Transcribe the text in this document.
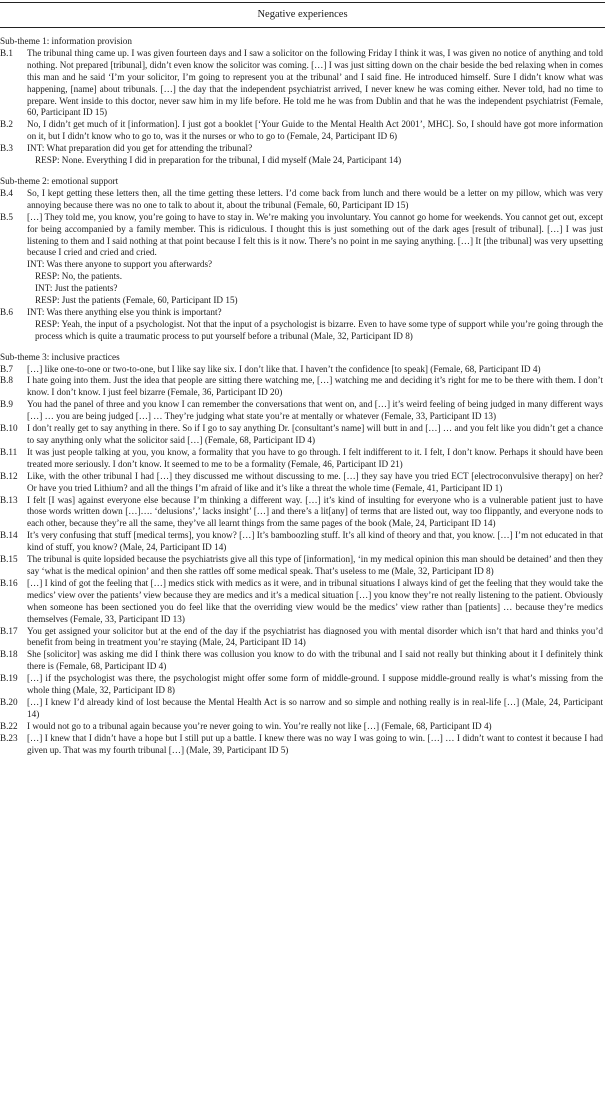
Negative experiences
Sub-theme 1: information provision
B.1 The tribunal thing came up. I was given fourteen days and I saw a solicitor on the following Friday I think it was, I was given no notice of anything and told nothing. Not prepared [tribunal], didn’t even know the solicitor was coming. […] I was just sitting down on the chair beside the bed relaxing when in comes this man and he said ‘I’m your solicitor, I’m going to represent you at the tribunal’ and I said fine. He introduced himself. Sure I didn’t know what was happening, [name] about tribunals. […] the day that the independent psychiatrist arrived, I never knew he was coming either. Never told, had no time to prepare. Went inside to this doctor, never saw him in my life before. He told me he was from Dublin and that he was the independent psychiatrist (Female, 60, Participant ID 15)
B.2 No, I didn’t get much of it [information]. I just got a booklet [‘Your Guide to the Mental Health Act 2001’, MHC]. So, I should have got more information on it, but I didn’t know who to go to, was it the nurses or who to go to (Female, 24, Participant ID 6)
B.3 INT: What preparation did you get for attending the tribunal?
RESP: None. Everything I did in preparation for the tribunal, I did myself (Male 24, Participant 14)
Sub-theme 2: emotional support
B.4 So, I kept getting these letters then, all the time getting these letters. I’d come back from lunch and there would be a letter on my pillow, which was very annoying because there was no one to talk to about it, about the tribunal (Female, 60, Participant ID 15)
B.5 […] They told me, you know, you’re going to have to stay in. We’re making you involuntary. You cannot go home for weekends. You cannot get out, except for being accompanied by a family member. This is ridiculous. I thought this is just something out of the dark ages [result of tribunal]. […] I was just listening to them and I said nothing at that point because I felt this is it now. There’s no point in me saying anything. […] It [the tribunal] was very upsetting because I cried and cried and cried.
INT: Was there anyone to support you afterwards?
RESP: No, the patients.
INT: Just the patients?
RESP: Just the patients (Female, 60, Participant ID 15)
B.6 INT: Was there anything else you think is important?
RESP: Yeah, the input of a psychologist. Not that the input of a psychologist is bizarre. Even to have some type of support while you’re going through the process which is quite a traumatic process to put yourself before a tribunal (Male, 32, Participant ID 8)
Sub-theme 3: inclusive practices
B.7 […] like one-to-one or two-to-one, but I like say like six. I don’t like that. I haven’t the confidence [to speak] (Female, 68, Participant ID 4)
B.8 I hate going into them. Just the idea that people are sitting there watching me, […] watching me and deciding it’s right for me to be there with them. I don’t know. I don’t know. I just feel bizarre (Female, 36, Participant ID 20)
B.9 You had the panel of three and you know I can remember the conversations that went on, and […] it’s weird feeling of being judged in many different ways […] … you are being judged […] … They’re judging what state you’re at mentally or whatever (Female, 33, Participant ID 13)
B.10 I don’t really get to say anything in there. So if I go to say anything Dr. [consultant’s name] will butt in and […] … and you felt like you didn’t get a chance to say anything only what the solicitor said […] (Female, 68, Participant ID 4)
B.11 It was just people talking at you, you know, a formality that you have to go through. I felt indifferent to it. I felt, I don’t know. Perhaps it should have been treated more seriously. I don’t know. It seemed to me to be a formality (Female, 46, Participant ID 21)
B.12 Like, with the other tribunal I had […] they discussed me without discussing to me. […] they say have you tried ECT [electroconvulsive therapy] on her? Or have you tried Lithium? and all the things I’m afraid of like and it’s like a threat the whole time (Female, 41, Participant ID 1)
B.13 I felt [I was] against everyone else because I’m thinking a different way. […] it’s kind of insulting for everyone who is a vulnerable patient just to have those words written down […]…. ‘delusions’,’ lacks insight’ […] and there’s a lit[any] of terms that are listed out, way too flippantly, and everyone nods to each other, because they’re all the same, they’ve all learnt things from the same pages of the book (Male, 24, Participant ID 14)
B.14 It’s very confusing that stuff [medical terms], you know? […] It’s bamboozling stuff. It’s all kind of theory and that, you know. […] I’m not educated in that kind of stuff, you know? (Male, 24, Participant ID 14)
B.15 The tribunal is quite lopsided because the psychiatrists give all this type of [information], ‘in my medical opinion this man should be detained’ and then they say ‘what is the medical opinion’ and then she rattles off some medical speak. That’s useless to me (Male, 32, Participant ID 8)
B.16 […] I kind of got the feeling that […] medics stick with medics as it were, and in tribunal situations I always kind of get the feeling that they would take the medics’ view over the patients’ view because they are medics and it’s a medical situation […] you know they’re not really listening to the patient. Obviously when someone has been sectioned you do feel like that the overriding view would be the medics’ view rather than [patients] … because they’re medics themselves (Female, 33, Participant ID 13)
B.17 You get assigned your solicitor but at the end of the day if the psychiatrist has diagnosed you with mental disorder which isn’t that hard and thinks you’d benefit from being in treatment you’re staying (Male, 24, Participant ID 14)
B.18 She [solicitor] was asking me did I think there was collusion you know to do with the tribunal and I said not really but thinking about it I definitely think there is (Female, 68, Participant ID 4)
B.19 […] if the psychologist was there, the psychologist might offer some form of middle-ground. I suppose middle-ground really is what’s missing from the whole thing (Male, 32, Participant ID 8)
B.20 […] I knew I’d already kind of lost because the Mental Health Act is so narrow and so simple and nothing really is in real-life […] (Male, 24, Participant 14)
B.22 I would not go to a tribunal again because you’re never going to win. You’re really not like […] (Female, 68, Participant ID 4)
B.23 […] I knew that I didn’t have a hope but I still put up a battle. I knew there was no way I was going to win. […] … I didn’t want to contest it because I had given up. That was my fourth tribunal […] (Male, 39, Participant ID 5)
